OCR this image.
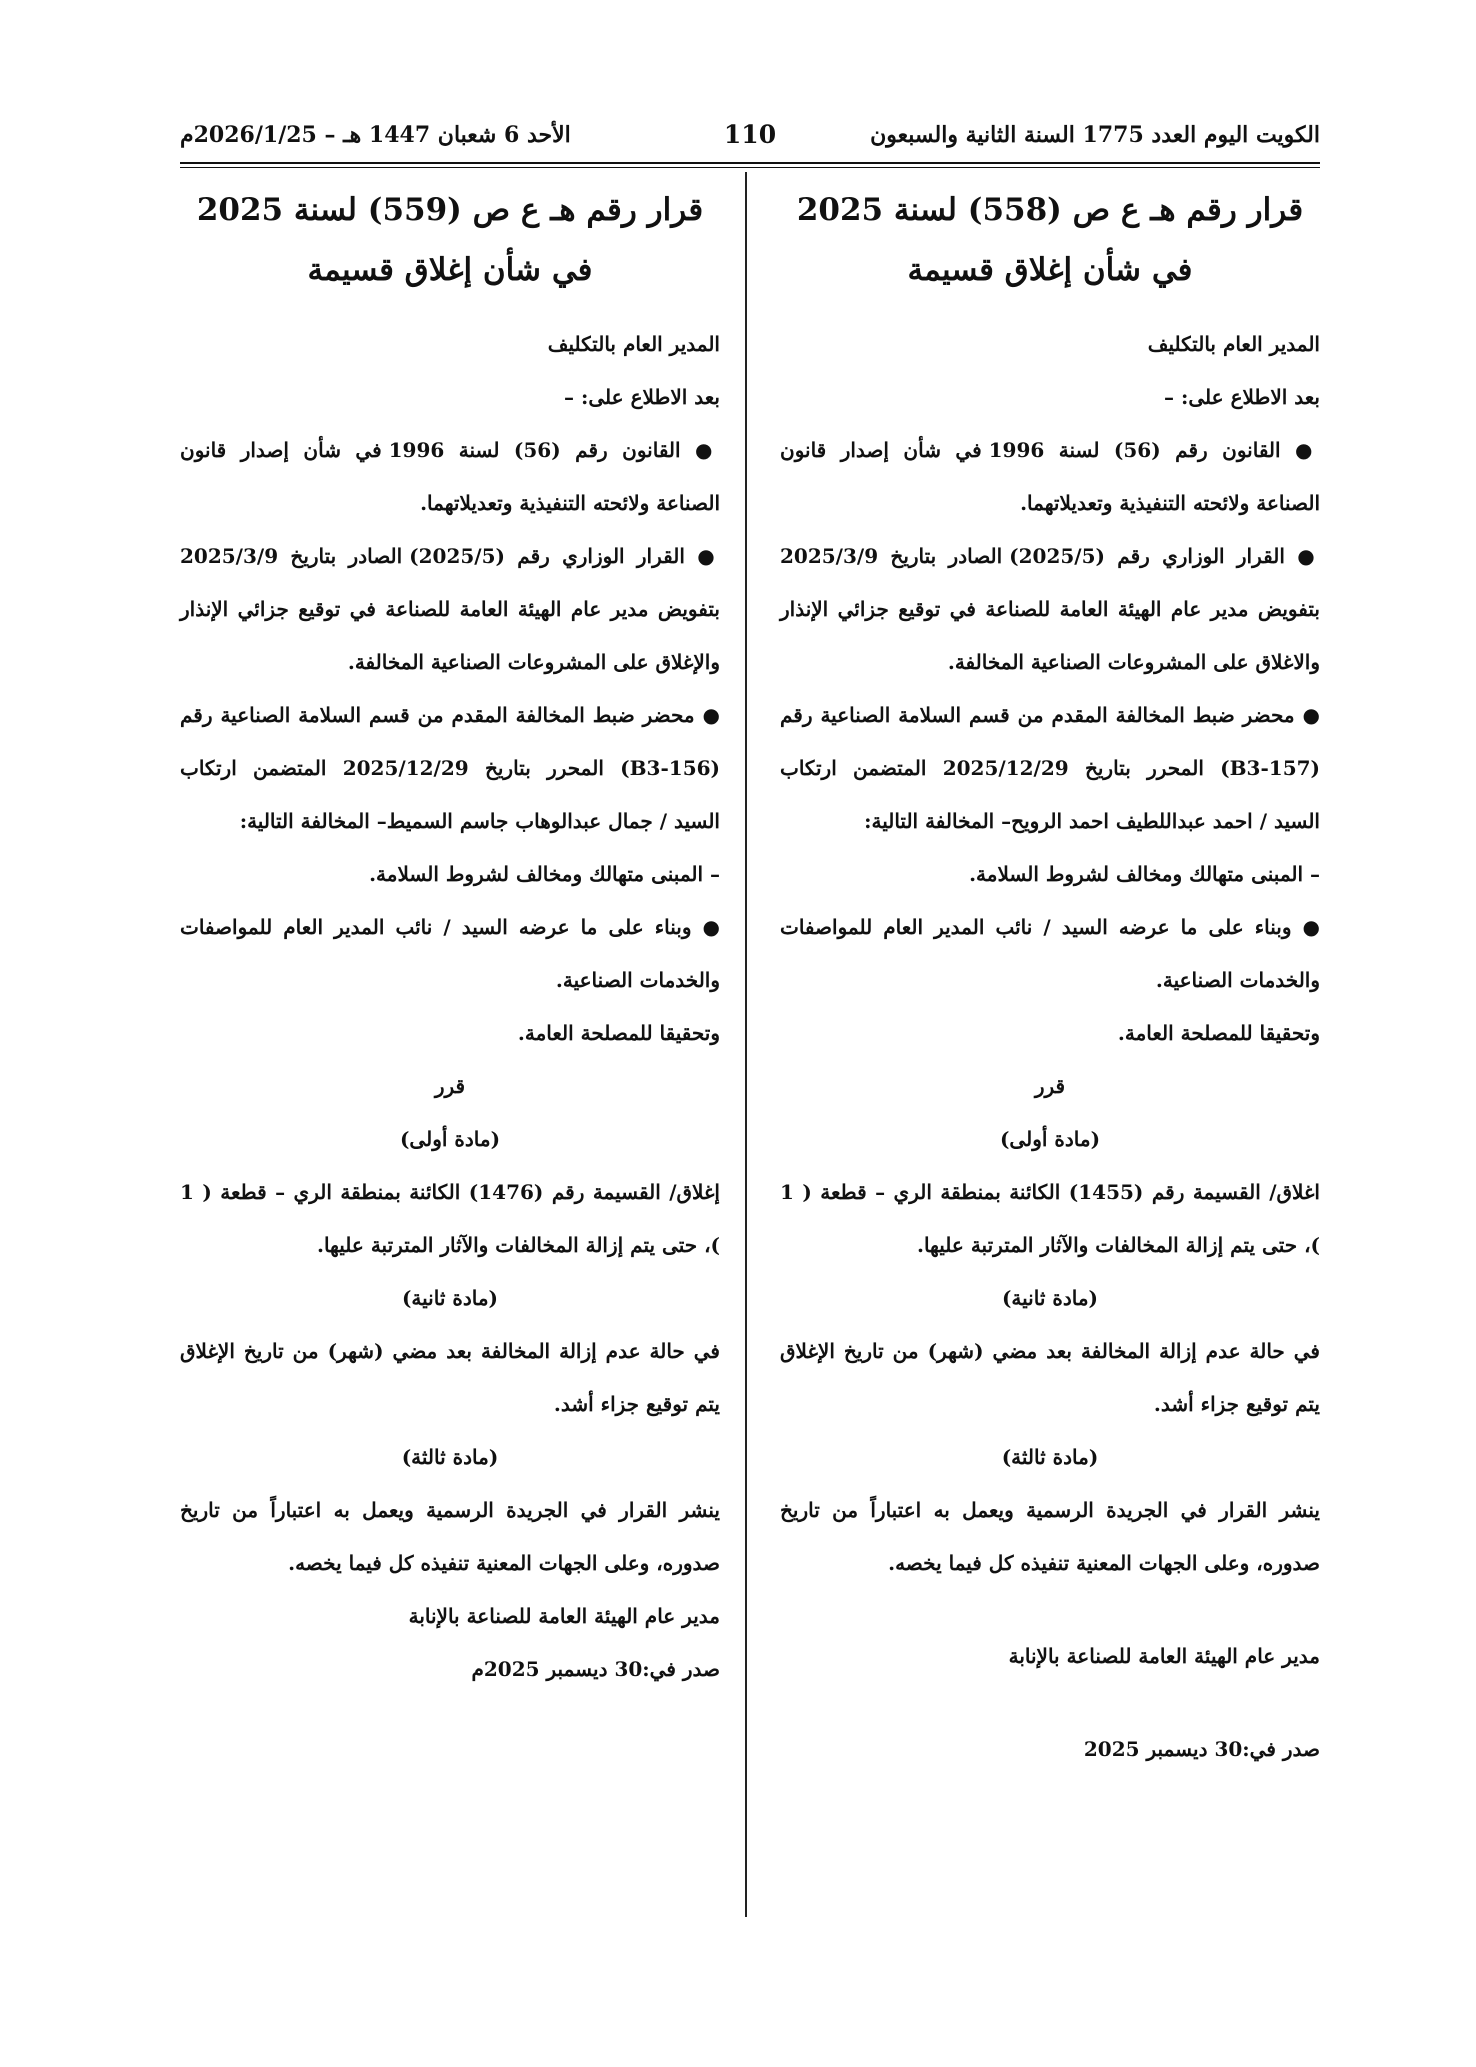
الكويت اليوم العدد 1775 السنة الثانية والسبعون
110
الأحد 6 شعبان 1447 هـ – 2026/1/25م
قرار رقم هـ ع ص (558) لسنة 2025
في شأن إغلاق قسيمة
المدير العام بالتكليف
بعد الاطلاع على: –
● القانون رقم (56) لسنة 1996 في شأن إصدار قانون الصناعة ولائحته التنفيذية وتعديلاتهما.
● القرار الوزاري رقم (2025/5) الصادر بتاريخ 2025/3/9 بتفويض مدير عام الهيئة العامة للصناعة في توقيع جزائي الإنذار والاغلاق على المشروعات الصناعية المخالفة.
● محضر ضبط المخالفة المقدم من قسم السلامة الصناعية رقم (B3-157) المحرر بتاريخ 2025/12/29 المتضمن ارتكاب السيد / احمد عبداللطيف احمد الرويح– المخالفة التالية:
– المبنى متهالك ومخالف لشروط السلامة.
● وبناء على ما عرضه السيد / نائب المدير العام للمواصفات والخدمات الصناعية.
وتحقيقا للمصلحة العامة.
قرر
(مادة أولى)
اغلاق/ القسيمة رقم (1455) الكائنة بمنطقة الري – قطعة ( 1 )، حتى يتم إزالة المخالفات والآثار المترتبة عليها.
(مادة ثانية)
في حالة عدم إزالة المخالفة بعد مضي (شهر) من تاريخ الإغلاق يتم توقيع جزاء أشد.
(مادة ثالثة)
ينشر القرار في الجريدة الرسمية ويعمل به اعتباراً من تاريخ صدوره، وعلى الجهات المعنية تنفيذه كل فيما يخصه.
مدير عام الهيئة العامة للصناعة بالإنابة
صدر في:30 ديسمبر 2025
قرار رقم هـ ع ص (559) لسنة 2025
في شأن إغلاق قسيمة
المدير العام بالتكليف
بعد الاطلاع على: –
● القانون رقم (56) لسنة 1996 في شأن إصدار قانون الصناعة ولائحته التنفيذية وتعديلاتهما.
● القرار الوزاري رقم (2025/5) الصادر بتاريخ 2025/3/9 بتفويض مدير عام الهيئة العامة للصناعة في توقيع جزائي الإنذار والإغلاق على المشروعات الصناعية المخالفة.
● محضر ضبط المخالفة المقدم من قسم السلامة الصناعية رقم (B3-156) المحرر بتاريخ 2025/12/29 المتضمن ارتكاب السيد / جمال عبدالوهاب جاسم السميط– المخالفة التالية:
– المبنى متهالك ومخالف لشروط السلامة.
● وبناء على ما عرضه السيد / نائب المدير العام للمواصفات والخدمات الصناعية.
وتحقيقا للمصلحة العامة.
قرر
(مادة أولى)
إغلاق/ القسيمة رقم (1476) الكائنة بمنطقة الري – قطعة ( 1 )، حتى يتم إزالة المخالفات والآثار المترتبة عليها.
(مادة ثانية)
في حالة عدم إزالة المخالفة بعد مضي (شهر) من تاريخ الإغلاق يتم توقيع جزاء أشد.
(مادة ثالثة)
ينشر القرار في الجريدة الرسمية ويعمل به اعتباراً من تاريخ صدوره، وعلى الجهات المعنية تنفيذه كل فيما يخصه.
مدير عام الهيئة العامة للصناعة بالإنابة
صدر في:30 ديسمبر 2025م
